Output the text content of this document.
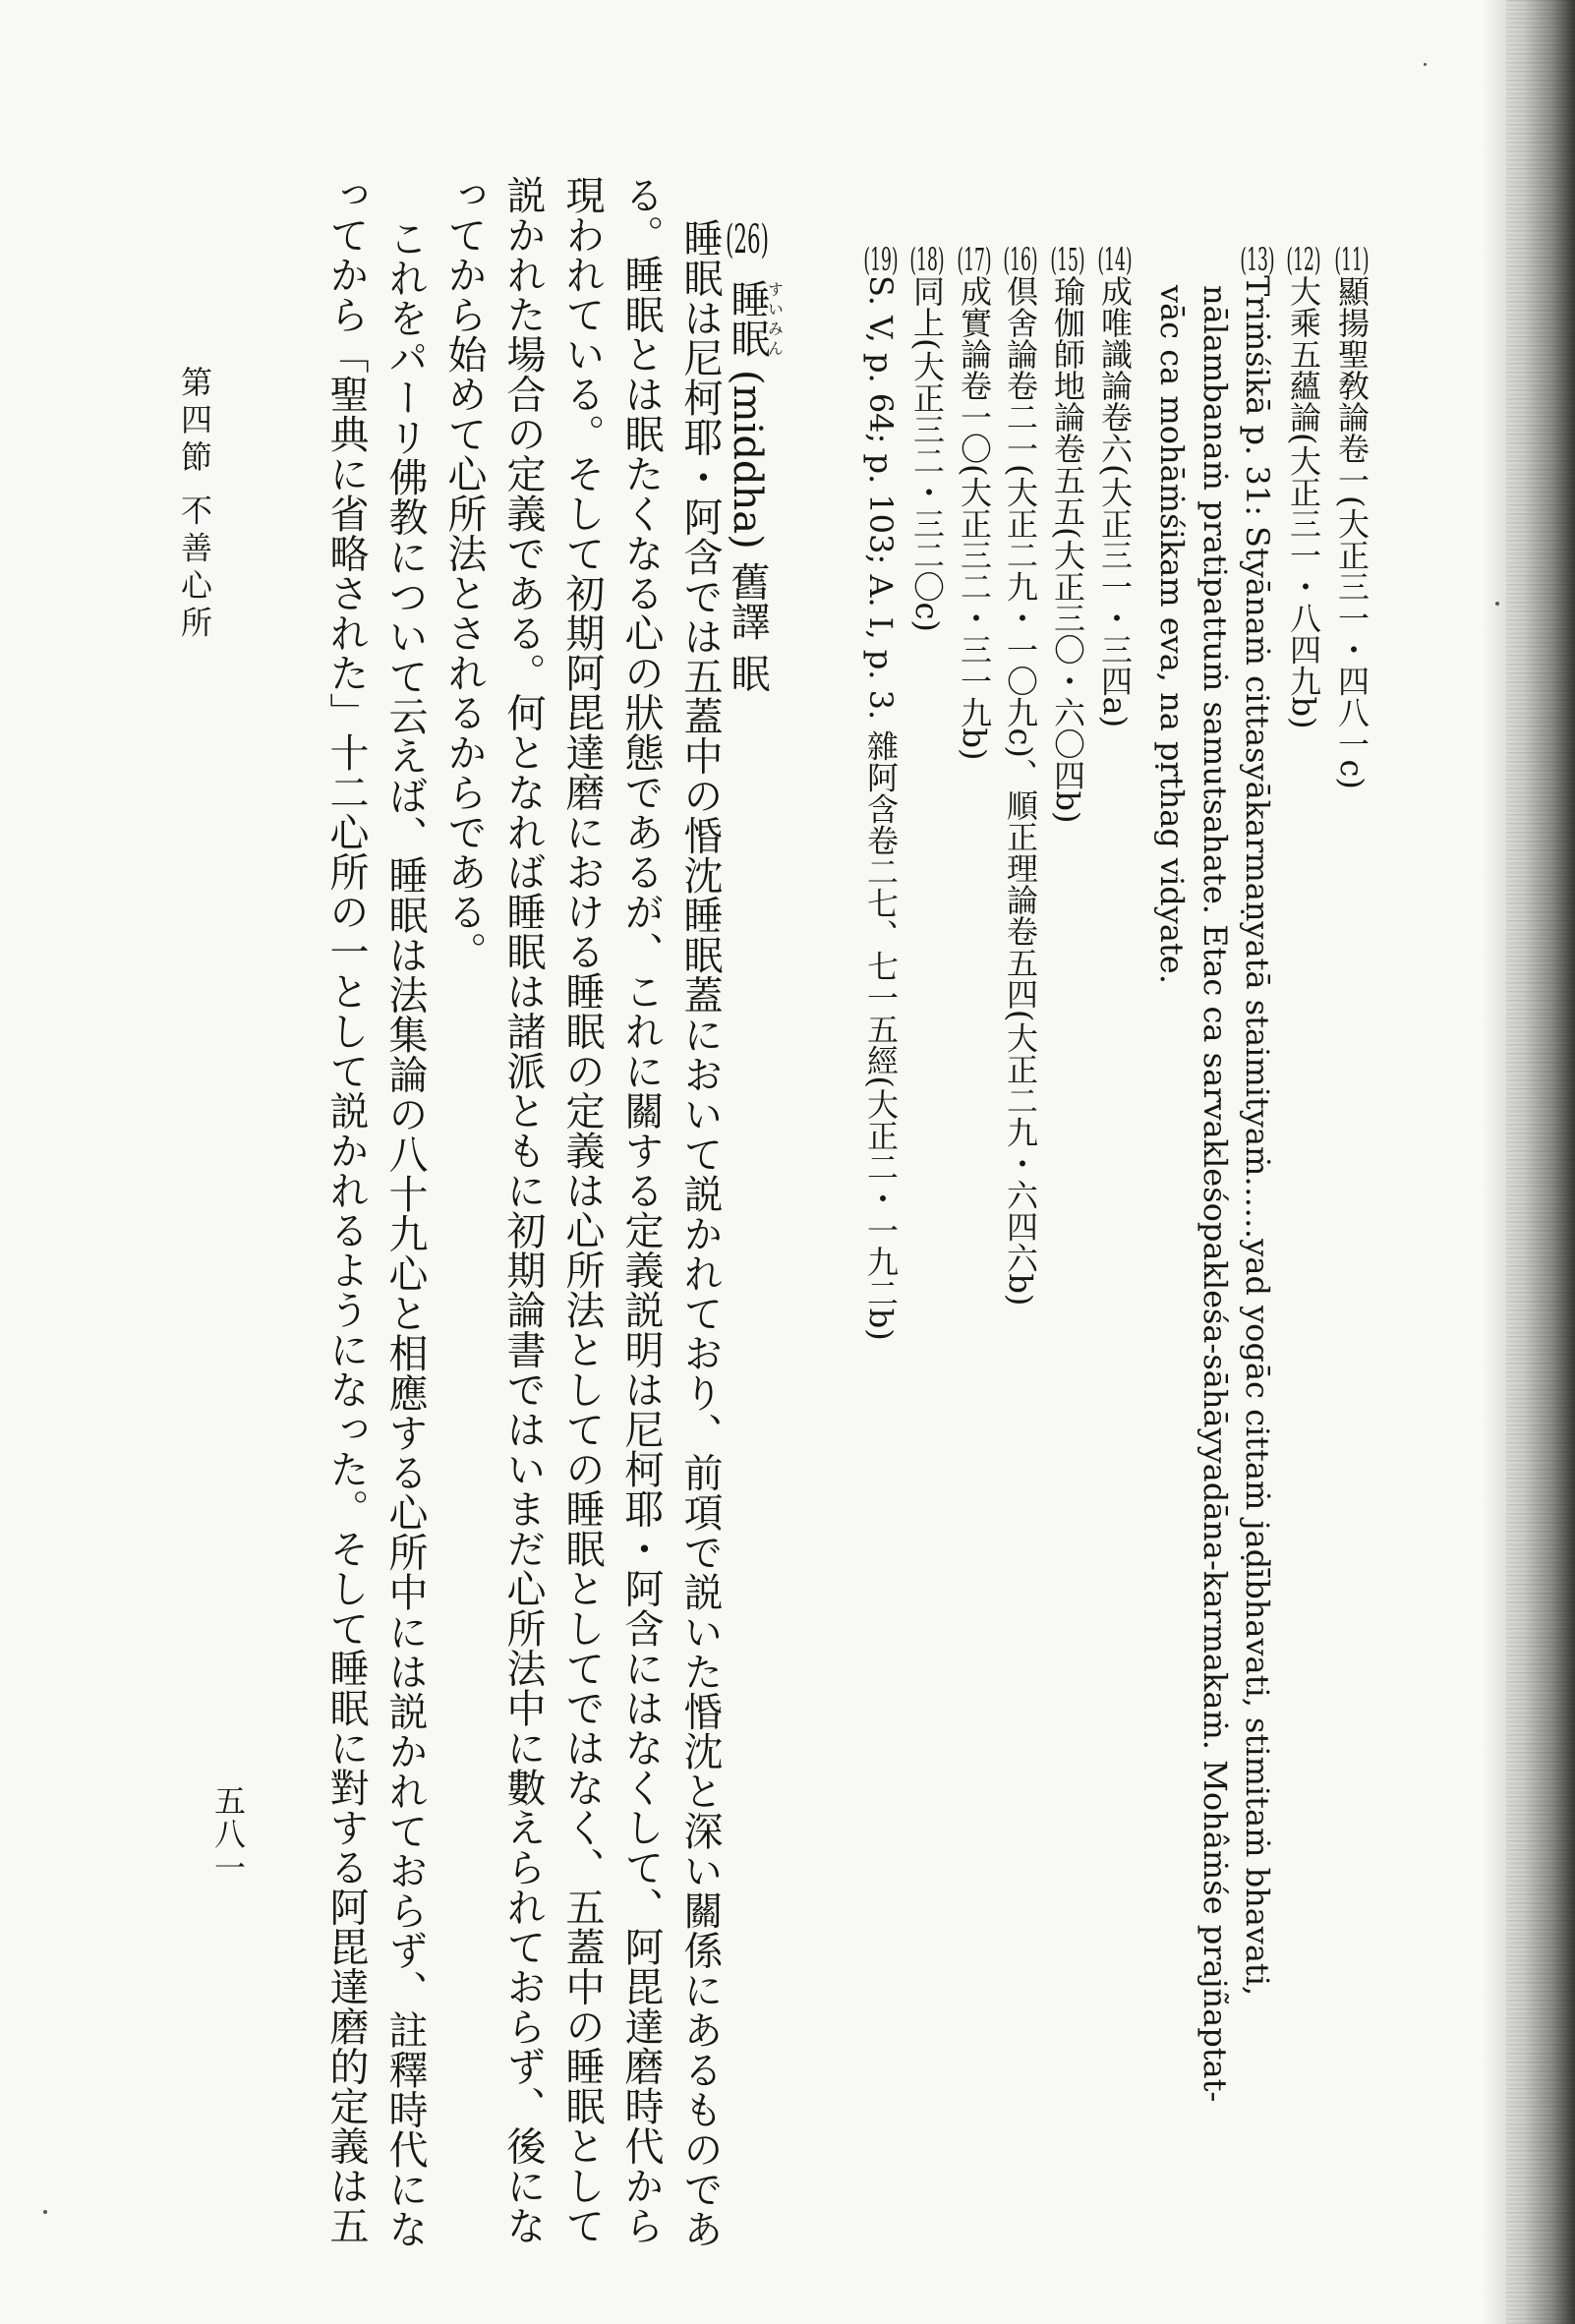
(11)顯揚聖敎論卷一(大正三一・四八一c)
(12)大乘五蘊論(大正三一・八四九b)
(13)Triṁśikā p. 31: Styānaṁ cittasyākarmaṇyatā staimityaṁ……yad yogāc cittaṁ jaḍībhavati, stimitaṁ bhavati,
nālambanaṁ pratipattuṁ samutsahate. Etac ca sarvakleśopakleśa-sāhāyyadāna-karmakaṁ. Mohâṁśe prajñaptat-
vāc ca mohāṁśikam eva, na pṛthag vidyate.
(14)成唯識論卷六(大正三一・三四a)
(15)瑜伽師地論卷五五(大正三〇・六〇四b)
(16)倶舍論卷二一(大正二九・一〇九c)、順正理論卷五四(大正二九・六四六b)
(17)成實論卷一〇(大正三二・三一九b)
(18)同上(大正三二・三二〇c)
(19)S. V, p. 64; p. 103; A. I, p. 3. 雜阿含卷二七、七一五經(大正二・一九二b)
(26)睡眠すいみん(middha) 舊譯 眠
睡眠は尼柯耶・阿含では五蓋中の惛沈睡眠蓋において説かれており、前項で説いた惛沈と深い關係にあるものであ
る。睡眠とは眠たくなる心の狀態であるが、これに關する定義説明は尼柯耶・阿含にはなくして、阿毘達磨時代から
現われている。そして初期阿毘達磨における睡眠の定義は心所法としての睡眠としてではなく、五蓋中の睡眠として
説かれた場合の定義である。何となれば睡眠は諸派ともに初期論書ではいまだ心所法中に數えられておらず、後にな
ってから始めて心所法とされるからである。
これをパーリ佛教について云えば、睡眠は法集論の八十九心と相應する心所中には説かれておらず、註釋時代にな
ってから「聖典に省略された」十二心所の一として説かれるようになった。そして睡眠に對する阿毘達磨的定義は五
第四節 不善心所
五八一
